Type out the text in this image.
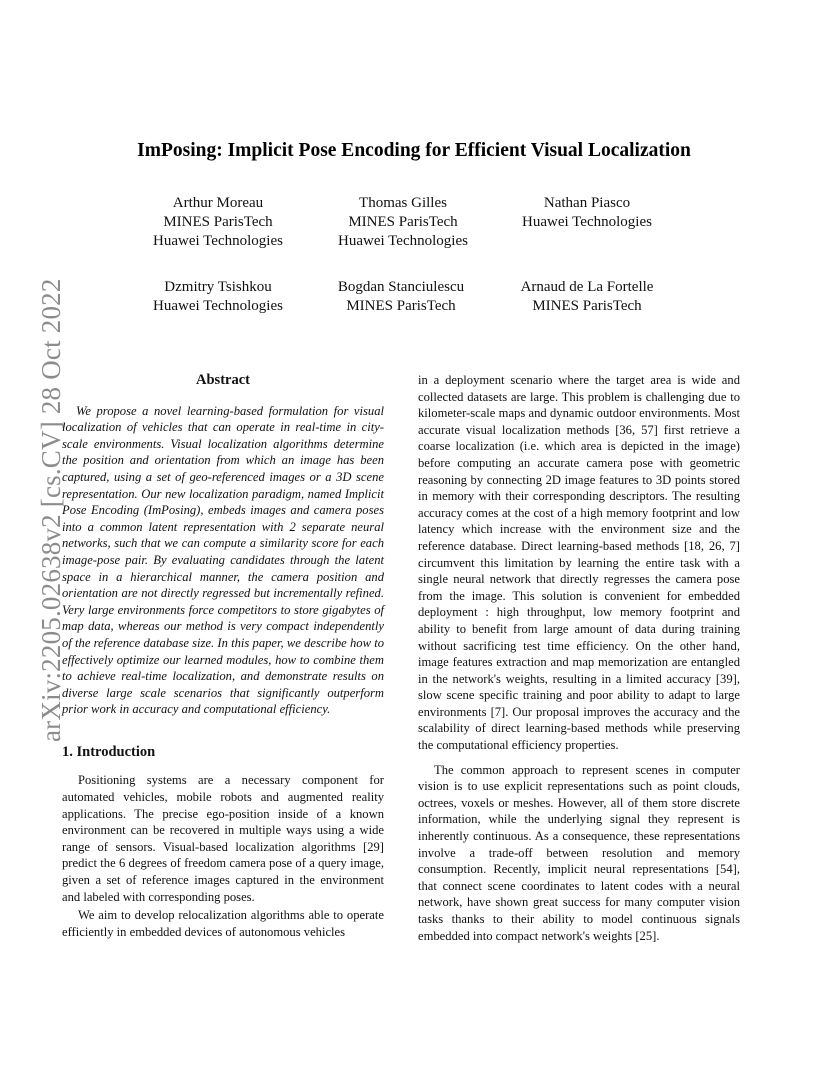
arXiv:2205.02638v2 [cs.CV] 28 Oct 2022
ImPosing: Implicit Pose Encoding for Efficient Visual Localization
Arthur Moreau
MINES ParisTech
Huawei Technologies
Thomas Gilles
MINES ParisTech
Huawei Technologies
Nathan Piasco
Huawei Technologies
Dzmitry Tsishkou
Huawei Technologies
Bogdan Stanciulescu
MINES ParisTech
Arnaud de La Fortelle
MINES ParisTech
Abstract

We propose a novel learning-based formulation for visual localization of vehicles that can operate in real-time in city-scale environments. Visual localization algorithms determine the position and orientation from which an image has been captured, using a set of geo-referenced images or a 3D scene representation. Our new localization paradigm, named Implicit Pose Encoding (ImPosing), embeds images and camera poses into a common latent representation with 2 separate neural networks, such that we can compute a similarity score for each image-pose pair. By evaluating candidates through the latent space in a hierarchical manner, the camera position and orientation are not directly regressed but incrementally refined. Very large environments force competitors to store gigabytes of map data, whereas our method is very compact independently of the reference database size. In this paper, we describe how to effectively optimize our learned modules, how to combine them to achieve real-time localization, and demonstrate results on diverse large scale scenarios that significantly outperform prior work in accuracy and computational efficiency.

1. Introduction

Positioning systems are a necessary component for automated vehicles, mobile robots and augmented reality applications. The precise ego-position inside of a known environment can be recovered in multiple ways using a wide range of sensors. Visual-based localization algorithms [29] predict the 6 degrees of freedom camera pose of a query image, given a set of reference images captured in the environment and labeled with corresponding poses.

We aim to develop relocalization algorithms able to operate efficiently in embedded devices of autonomous vehicles

in a deployment scenario where the target area is wide and collected datasets are large. This problem is challenging due to kilometer-scale maps and dynamic outdoor environments. Most accurate visual localization methods [36, 57] first retrieve a coarse localization (i.e. which area is depicted in the image) before computing an accurate camera pose with geometric reasoning by connecting 2D image features to 3D points stored in memory with their corresponding descriptors. The resulting accuracy comes at the cost of a high memory footprint and low latency which increase with the environment size and the reference database. Direct learning-based methods [18, 26, 7] circumvent this limitation by learning the entire task with a single neural network that directly regresses the camera pose from the image. This solution is convenient for embedded deployment : high throughput, low memory footprint and ability to benefit from large amount of data during training without sacrificing test time efficiency. On the other hand, image features extraction and map memorization are entangled in the network's weights, resulting in a limited accuracy [39], slow scene specific training and poor ability to adapt to large environments [7]. Our proposal improves the accuracy and the scalability of direct learning-based methods while preserving the computational efficiency properties.

The common approach to represent scenes in computer vision is to use explicit representations such as point clouds, octrees, voxels or meshes. However, all of them store discrete information, while the underlying signal they represent is inherently continuous. As a consequence, these representations involve a trade-off between resolution and memory consumption. Recently, implicit neural representations [54], that connect scene coordinates to latent codes with a neural network, have shown great success for many computer vision tasks thanks to their ability to model continuous signals embedded into compact network's weights [25].
